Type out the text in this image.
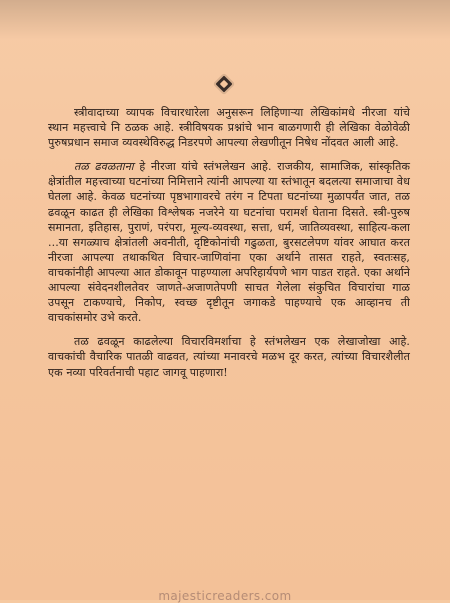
स्त्रीवादाच्या व्यापक विचारधारेला अनुसरून लिहिणाऱ्या लेखिकांमधे नीरजा यांचे स्थान महत्त्वाचे नि ठळक आहे. स्त्रीविषयक प्रश्नांचे भान बाळगणारी ही लेखिका वेळोवेळी पुरुषप्रधान समाज व्यवस्थेविरुद्ध निडरपणे आपल्या लेखणीतून निषेध नोंदवत आली आहे.

तळ ढवळताना हे नीरजा यांचे स्तंभलेखन आहे. राजकीय, सामाजिक, सांस्कृतिक क्षेत्रांतील महत्त्वाच्या घटनांच्या निमित्ताने त्यांनी आपल्या या स्तंभातून बदलत्या समाजाचा वेध घेतला आहे. केवळ घटनांच्या पृष्ठभागावरचे तरंग न टिपता घटनांच्या मुळापर्यंत जात, तळ ढवळून काढत ही लेखिका विश्लेषक नजरेने या घटनांचा परामर्श घेताना दिसते. स्त्री-पुरुष समानता, इतिहास, पुराणं, परंपरा, मूल्य-व्यवस्था, सत्ता, धर्म, जातिव्यवस्था, साहित्य-कला ...या सगळ्याच क्षेत्रांतली अवनीती, दृष्टिकोनांची गढुळता, बुरसटलेपण यांवर आघात करत नीरजा आपल्या तथाकथित विचार-जाणिवांना एका अर्थाने तासत राहते, स्वतःसह, वाचकांनीही आपल्या आत डोकावून पाहण्याला अपरिहार्यपणे भाग पाडत राहते. एका अर्थाने आपल्या संवेदनशीलतेवर जाणते-अजाणतेपणी साचत गेलेला संकुचित विचारांचा गाळ उपसून टाकण्याचे, निकोप, स्वच्छ दृष्टीतून जगाकडे पाहण्याचे एक आव्हानच ती वाचकांसमोर उभे करते.

तळ ढवळून काढलेल्या विचारविमर्शाचा हे स्तंभलेखन एक लेखाजोखा आहे. वाचकांची वैचारिक पातळी वाढवत, त्यांच्या मनावरचे मळभ दूर करत, त्यांच्या विचारशैलीत एक नव्या परिवर्तनाची पहाट जागवू पाहणारा!

majesticreaders.com
